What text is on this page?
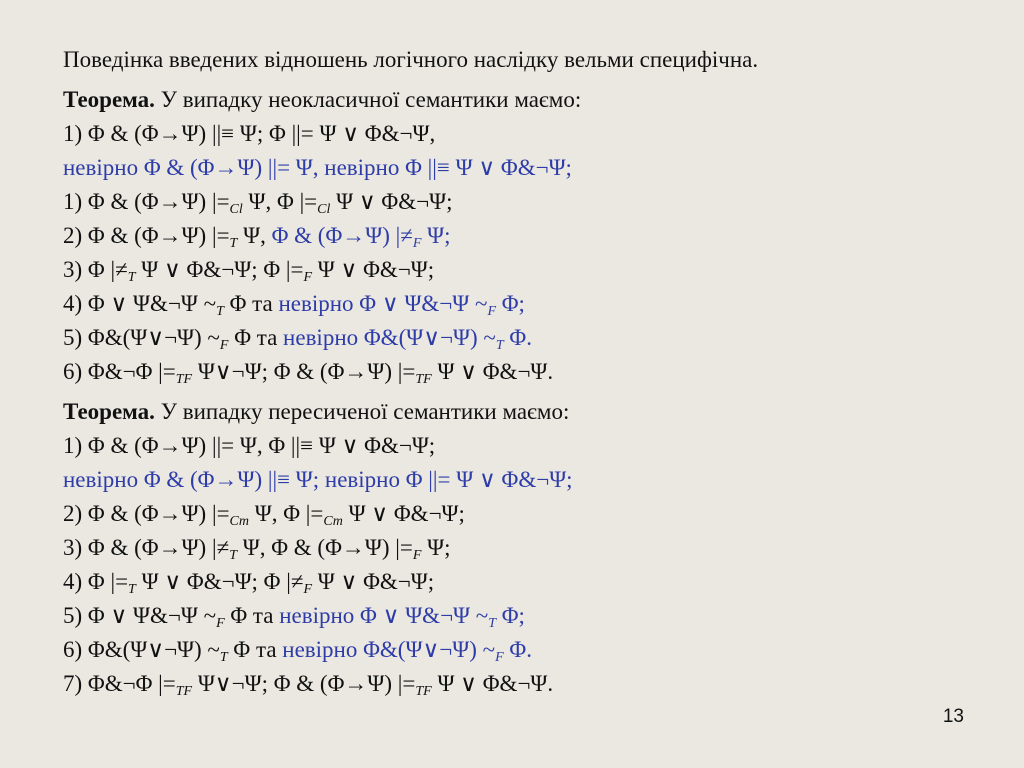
Поведінка введених відношень логічного наслідку вельми специфічна.
Теорема. У випадку неокласичної семантики маємо:
1) Φ & (Φ→Ψ) ||≡ Ψ; Φ ||= Ψ ∨ Φ&¬Ψ,
невірно Φ & (Φ→Ψ) ||= Ψ, невірно Φ ||≡ Ψ ∨ Φ&¬Ψ;
1) Φ & (Φ→Ψ) $|=_{Cl}$ Ψ, Φ $|=_{Cl}$ Ψ ∨ Φ&¬Ψ;
2) Φ & (Φ→Ψ) $|=_T$ Ψ, Φ & (Φ→Ψ) $|\ne_F$ Ψ;
3) Φ $|\ne_T$ Ψ ∨ Φ&¬Ψ; Φ $|=_F$ Ψ ∨ Φ&¬Ψ;
4) Φ ∨ Ψ&¬Ψ $\sim_T$ Φ та невірно Φ ∨ Ψ&¬Ψ $\sim_F$ Φ;
5) Φ&(Ψ∨¬Ψ) $\sim_F$ Φ та невірно Φ&(Ψ∨¬Ψ) $\sim_T$ Φ.
6) Φ&¬Φ $|=_{TF}$ Ψ∨¬Ψ; Φ & (Φ→Ψ) $|=_{TF}$ Ψ ∨ Φ&¬Ψ.
Теорема. У випадку пересиченої семантики маємо:
1) Φ & (Φ→Ψ) ||= Ψ, Φ ||≡ Ψ ∨ Φ&¬Ψ;
невірно Φ & (Φ→Ψ) ||≡ Ψ; невірно Φ ||= Ψ ∨ Φ&¬Ψ;
2) Φ & (Φ→Ψ) $|=_{Cm}$ Ψ, Φ $|=_{Cm}$ Ψ ∨ Φ&¬Ψ;
3) Φ & (Φ→Ψ) $|\ne_T$ Ψ, Φ & (Φ→Ψ) $|=_F$ Ψ;
4) Φ $|=_T$ Ψ ∨ Φ&¬Ψ; Φ $|\ne_F$ Ψ ∨ Φ&¬Ψ;
5) Φ ∨ Ψ&¬Ψ $\sim_F$ Φ та невірно Φ ∨ Ψ&¬Ψ $\sim_T$ Φ;
6) Φ&(Ψ∨¬Ψ) $\sim_T$ Φ та невірно Φ&(Ψ∨¬Ψ) $\sim_F$ Φ.
7) Φ&¬Φ $|=_{TF}$ Ψ∨¬Ψ; Φ & (Φ→Ψ) $|=_{TF}$ Ψ ∨ Φ&¬Ψ.
13
